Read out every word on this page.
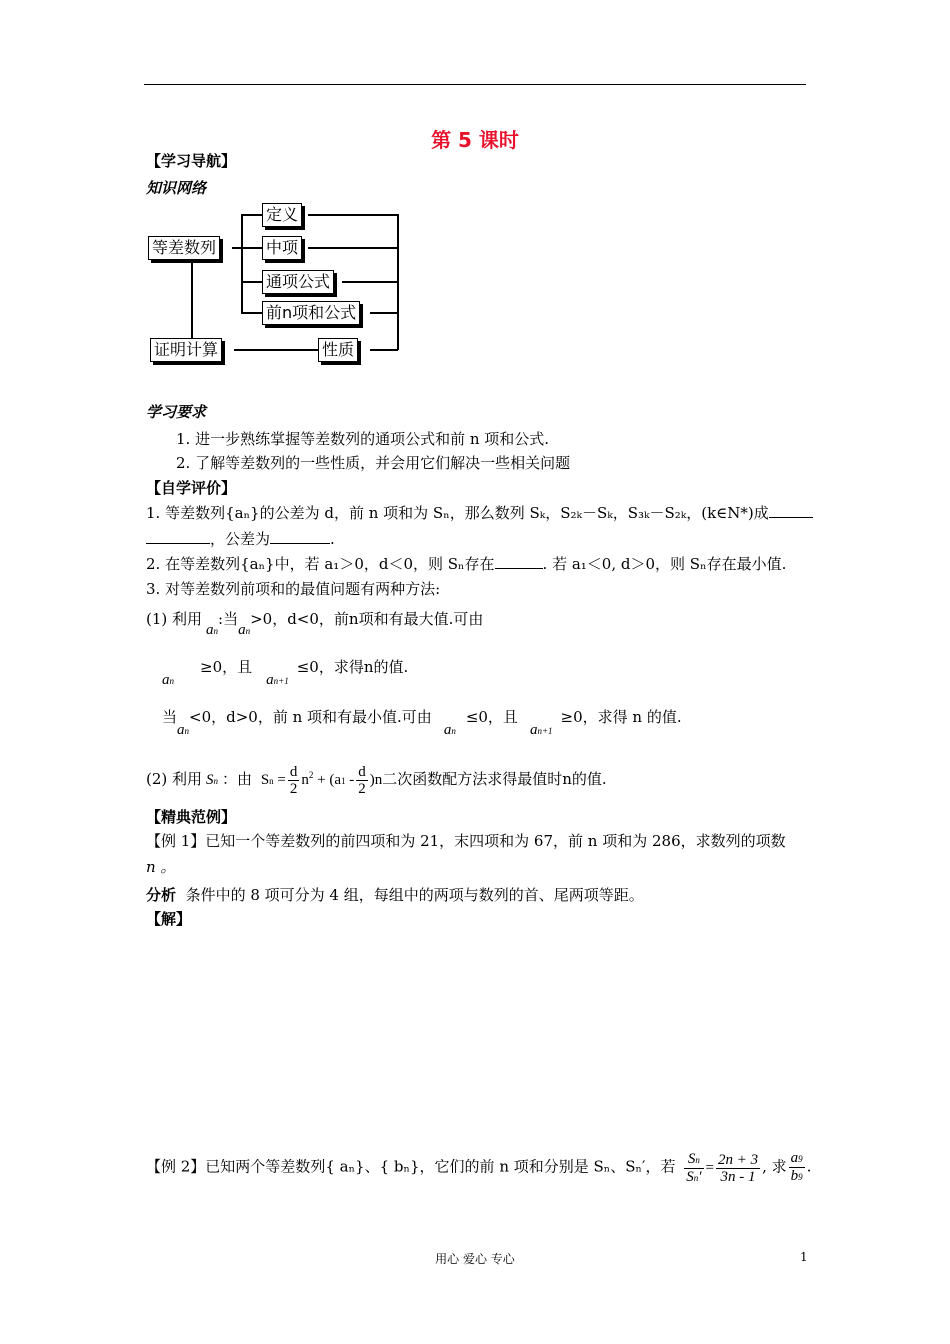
第 5 课时
【学习导航】
知识网络
等差数列
定义
中项
通项公式
前n项和公式
证明计算	性质
学习要求
1. 进一步熟练掌握等差数列的通项公式和前 n 项和公式.
2. 了解等差数列的一些性质，并会用它们解决一些相关问题
【自学评价】
1. 等差数列{aₙ}的公差为 d，前 n 项和为 Sₙ，那么数列 Sₖ，S₂ₖ－Sₖ，S₃ₖ－S₂ₖ，(k∈N*)成
，公差为	.
2. 在等差数列{aₙ}中，若 a₁＞0，d＜0，则 Sₙ存在	. 若 a₁＜0, d＞0，则 Sₙ存在最小值.
3. 对等差数列前项和的最值问题有两种方法:
(1) 利用an:当an>0，d<0，前n项和有最大值.可由
an≥0，且an+1≤0，求得n的值.
当an<0，d>0，前 n 项和有最小值.可由an≤0，且an+1≥0，求得 n 的值.
(2) 利用 Sn ：由 $Sn = \frac{d}{2} n^2 + (a1 - \frac{d}{2} )n$二次函数配方法求得最值时n的值.
【精典范例】
【例 1】已知一个等差数列的前四项和为 21，末四项和为 67，前 n 项和为 286，求数列的项数
n 。
分析 条件中的 8 项可分为 4 组，每组中的两项与数列的首、尾两项等距。
【解】
【例 2】已知两个等差数列{ aₙ}、{ bₙ}，它们的前 n 项和分别是 Sₙ、Sₙ′，若 $\frac{Sn}{Sn'} = \frac{2n + 3}{3n - 1}$ , 求 $\frac{a9}{b9}$ .
用心 爱心 专心	1
